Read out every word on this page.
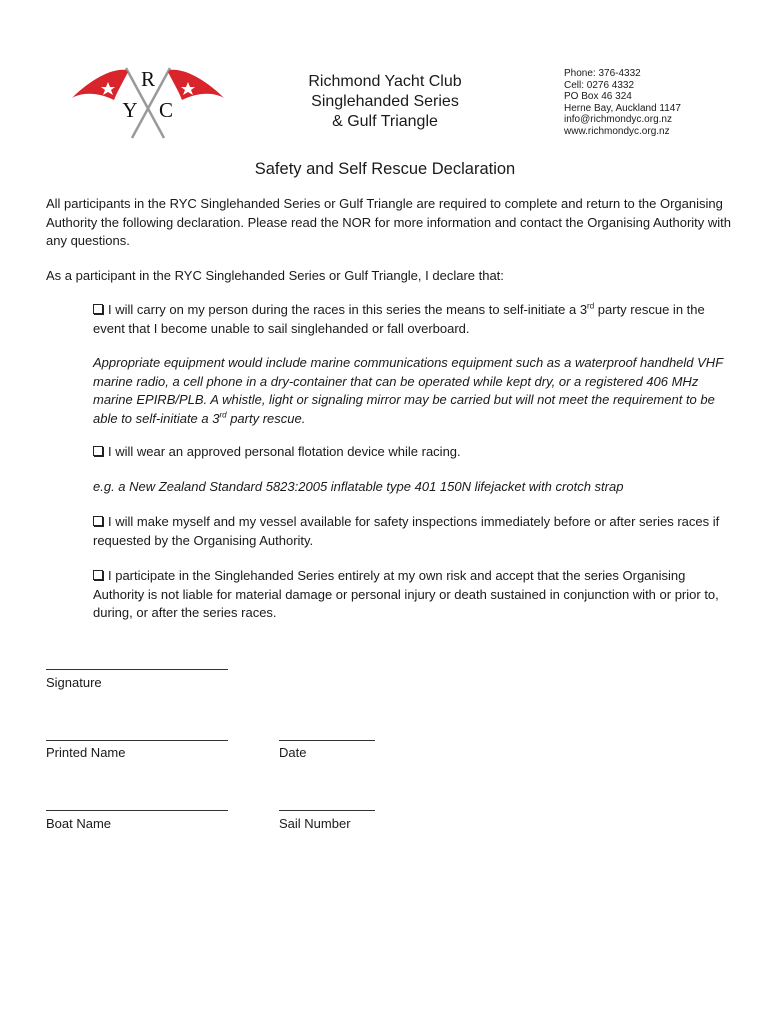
R
Y C
Richmond Yacht Club
Singlehanded Series
& Gulf Triangle
Phone: 376-4332
Cell: 0276 4332
PO Box 46 324
Herne Bay, Auckland 1147
info@richmondyc.org.nz
www.richmondyc.org.nz
Safety and Self Rescue Declaration
All participants in the RYC Singlehanded Series or Gulf Triangle are required to complete and return to the Organising Authority the following declaration. Please read the NOR for more information and contact the Organising Authority with any questions.
As a participant in the RYC Singlehanded Series or Gulf Triangle, I declare that:
I will carry on my person during the races in this series the means to self-initiate a 3rd party rescue in the event that I become unable to sail singlehanded or fall overboard.
Appropriate equipment would include marine communications equipment such as a waterproof handheld VHF marine radio, a cell phone in a dry-container that can be operated while kept dry, or a registered 406 MHz marine EPIRB/PLB. A whistle, light or signaling mirror may be carried but will not meet the requirement to be able to self-initiate a 3rd party rescue.
I will wear an approved personal flotation device while racing.
e.g. a New Zealand Standard 5823:2005 inflatable type 401 150N lifejacket with crotch strap
I will make myself and my vessel available for safety inspections immediately before or after series races if requested by the Organising Authority.
I participate in the Singlehanded Series entirely at my own risk and accept that the series Organising Authority is not liable for material damage or personal injury or death sustained in conjunction with or prior to, during, or after the series races.
Signature
Printed Name	Date
Boat Name	Sail Number
